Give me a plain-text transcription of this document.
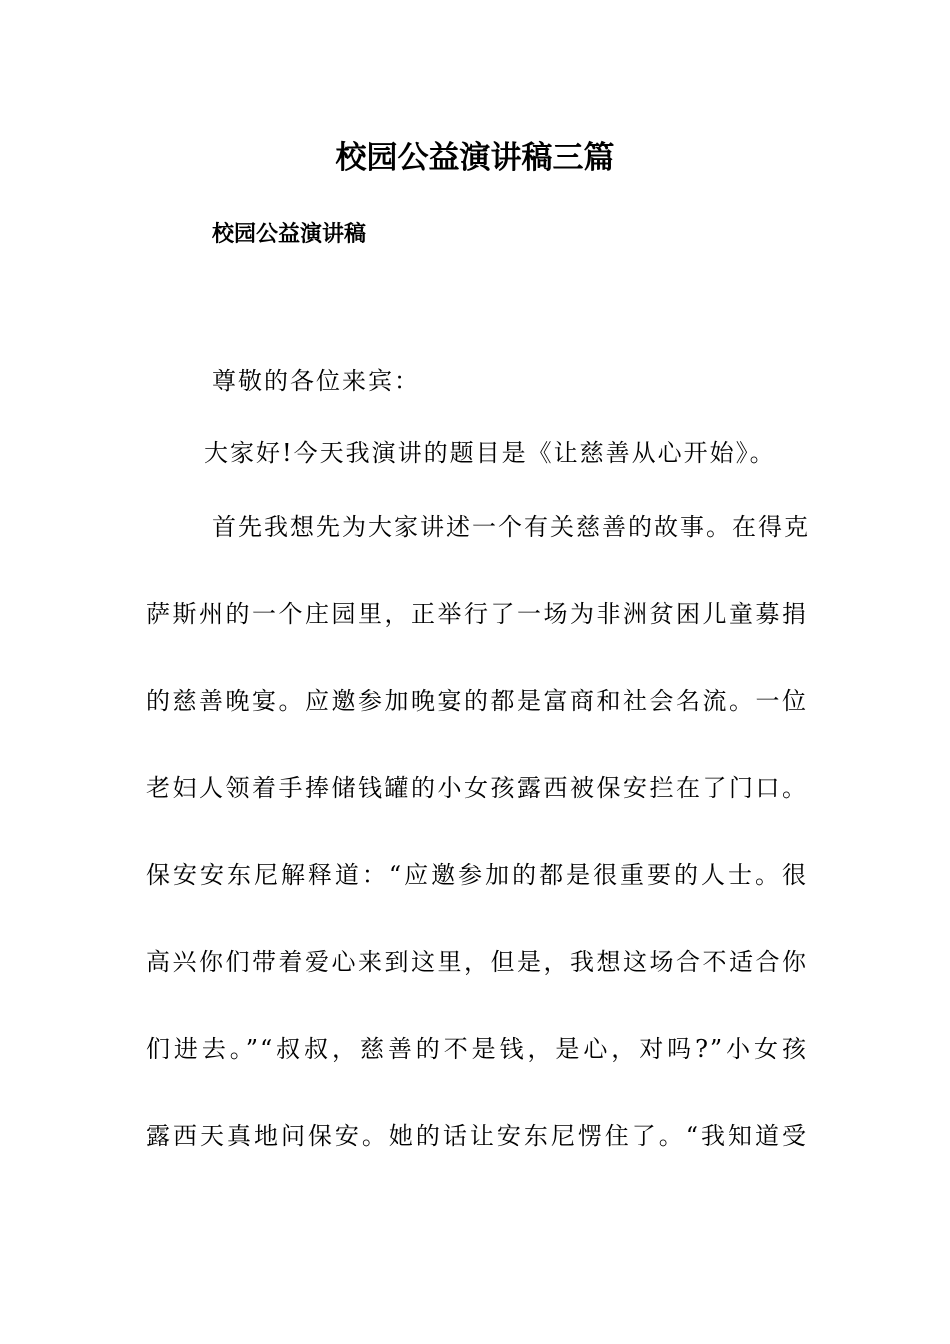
校园公益演讲稿三篇
校园公益演讲稿
尊敬的各位来宾：
大家好!今天我演讲的题目是《让慈善从心开始》。
首先我想先为大家讲述一个有关慈善的故事。在得克
萨斯州的一个庄园里，正举行了一场为非洲贫困儿童募捐
的慈善晚宴。应邀参加晚宴的都是富商和社会名流。一位
老妇人领着手捧储钱罐的小女孩露西被保安拦在了门口。
保安安东尼解释道：“应邀参加的都是很重要的人士。很
高兴你们带着爱心来到这里，但是，我想这场合不适合你
们进去。”“叔叔，慈善的不是钱，是心，对吗?”小女孩
露西天真地问保安。她的话让安东尼愣住了。“我知道受
